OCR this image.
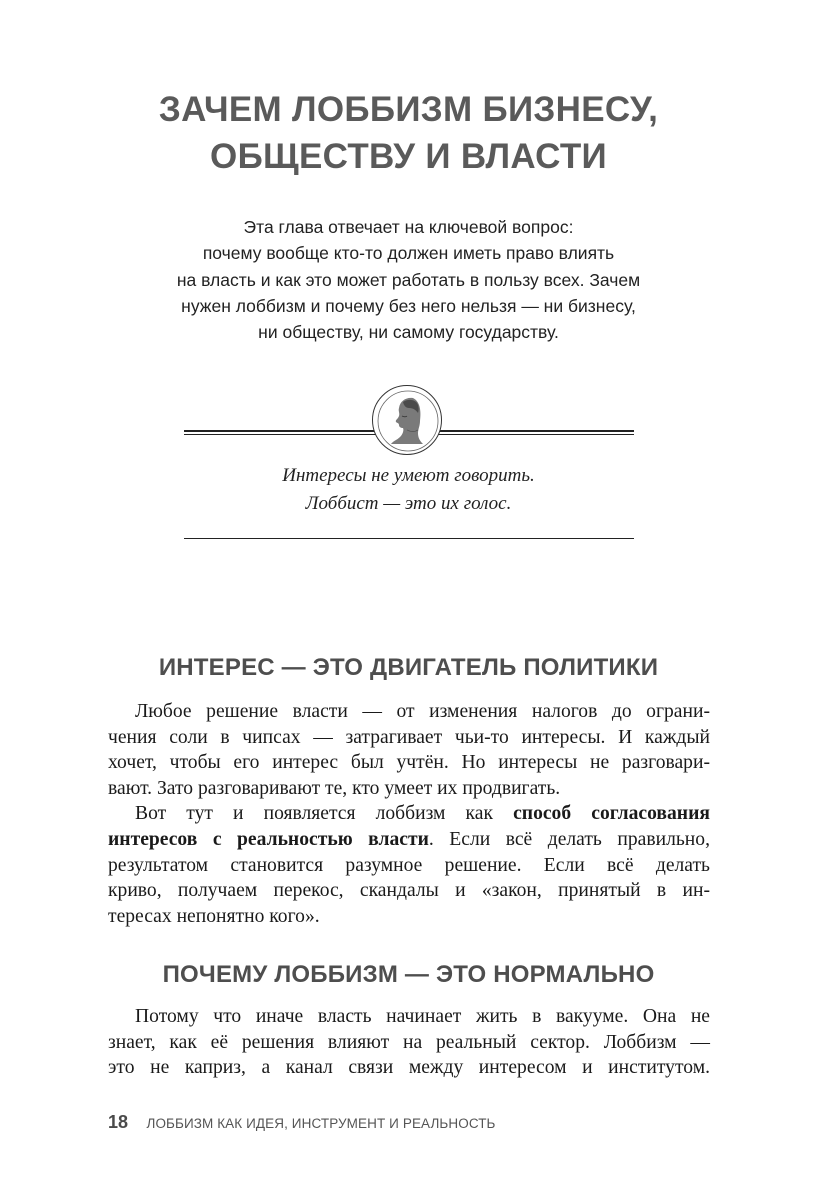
ЗАЧЕМ ЛОББИЗМ БИЗНЕСУ,
ОБЩЕСТВУ И ВЛАСТИ
Эта глава отвечает на ключевой вопрос:
почему вообще кто-то должен иметь право влиять
на власть и как это может работать в пользу всех. Зачем
нужен лоббизм и почему без него нельзя — ни бизнесу,
ни обществу, ни самому государству.
Интересы не умеют говорить.
Лоббист — это их голос.
ИНТЕРЕС — ЭТО ДВИГАТЕЛЬ ПОЛИТИКИ
Любое решение власти — от изменения налогов до ограни-
чения соли в чипсах — затрагивает чьи-то интересы. И каждый
хочет, чтобы его интерес был учтён. Но интересы не разговари-
вают. Зато разговаривают те, кто умеет их продвигать.
Вот тут и появляется лоббизм как способ согласования
интересов с реальностью власти. Если всё делать правильно,
результатом становится разумное решение. Если всё делать
криво, получаем перекос, скандалы и «закон, принятый в ин-
тересах непонятно кого».
ПОЧЕМУ ЛОББИЗМ — ЭТО НОРМАЛЬНО
Потому что иначе власть начинает жить в вакууме. Она не
знает, как её решения влияют на реальный сектор. Лоббизм —
это не каприз, а канал связи между интересом и институтом.
18 ЛОББИЗМ КАК ИДЕЯ, ИНСТРУМЕНТ И РЕАЛЬНОСТЬ
